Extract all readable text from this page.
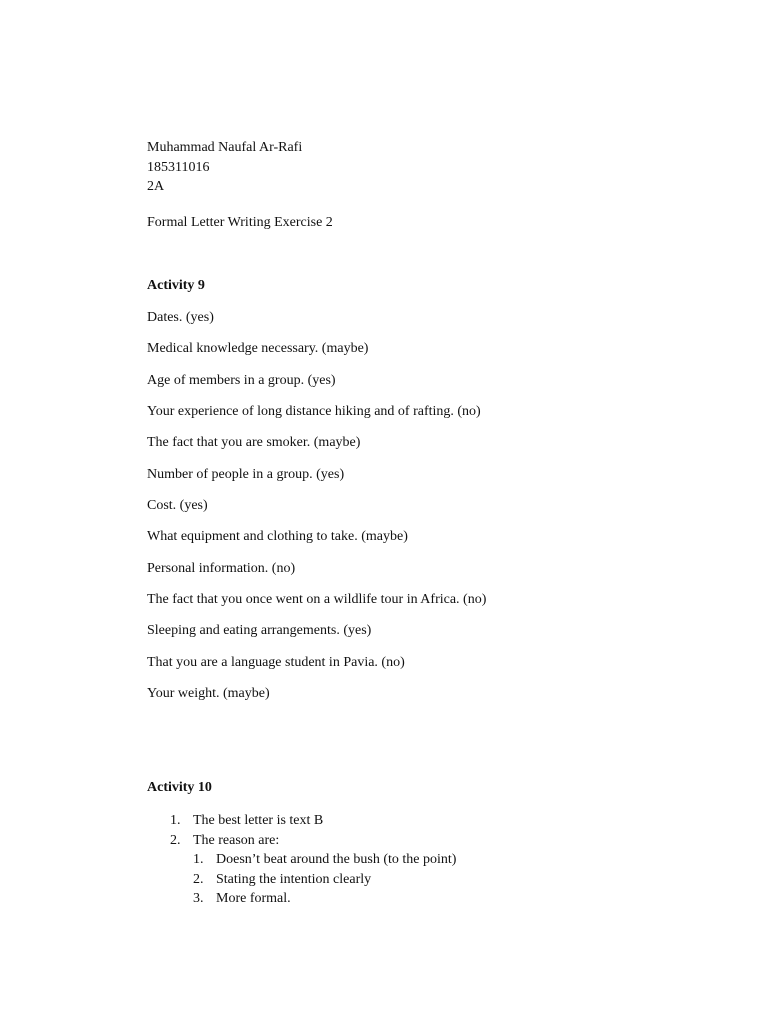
Muhammad Naufal Ar-Rafi
185311016
2A
Formal Letter Writing Exercise 2
Activity 9
Dates. (yes)
Medical knowledge necessary. (maybe)
Age of members in a group. (yes)
Your experience of long distance hiking and of rafting. (no)
The fact that you are smoker. (maybe)
Number of people in a group. (yes)
Cost. (yes)
What equipment and clothing to take. (maybe)
Personal information. (no)
The fact that you once went on a wildlife tour in Africa. (no)
Sleeping and eating arrangements. (yes)
That you are a language student in Pavia. (no)
Your weight. (maybe)
Activity 10
1. The best letter is text B
2. The reason are:
1. Doesn’t beat around the bush (to the point)
2. Stating the intention clearly
3. More formal.
